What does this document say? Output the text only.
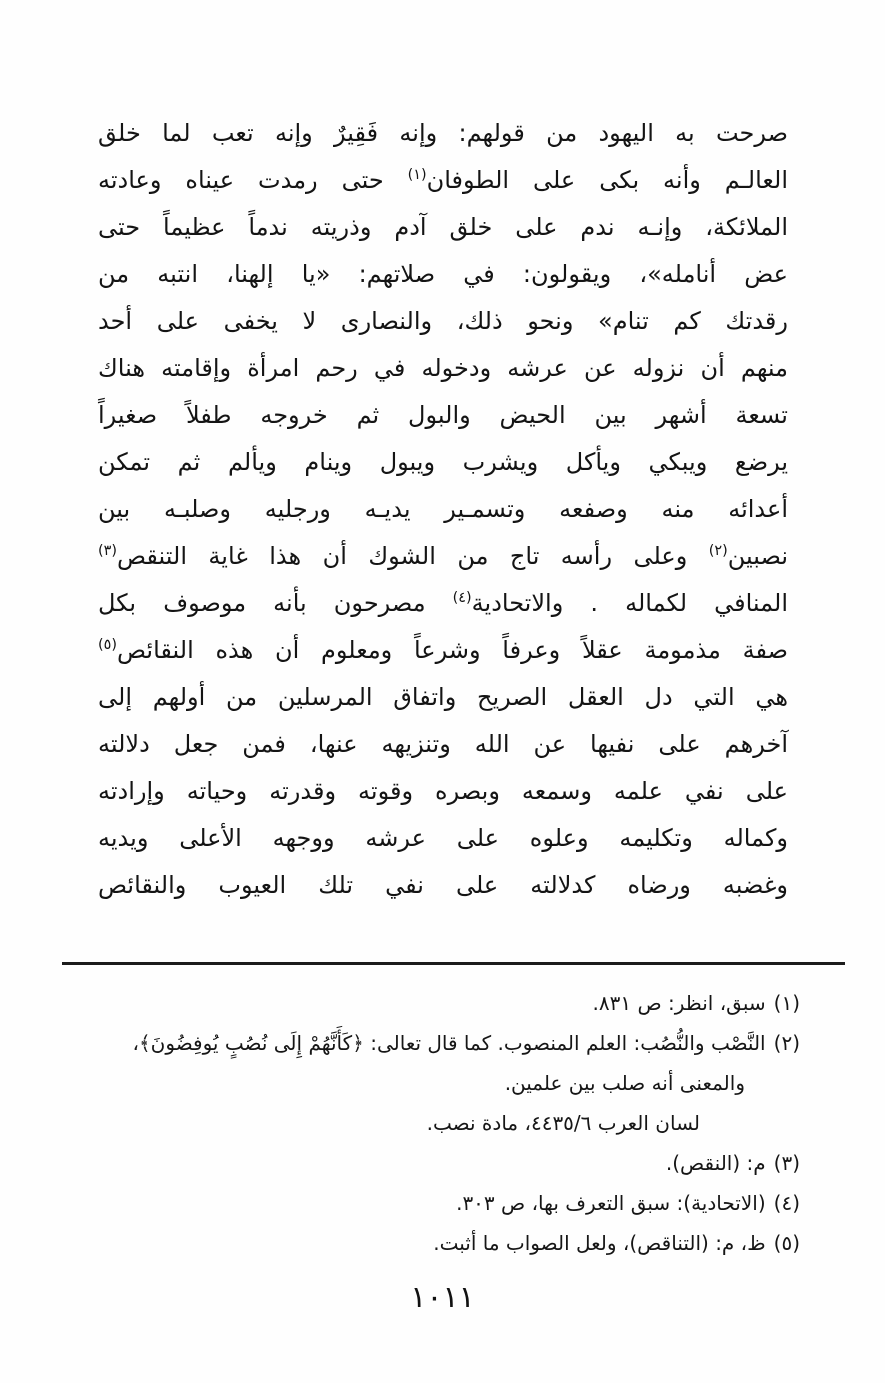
صرحت به اليهود من قولهم: وإنه فَقِيرٌ وإنه تعب لما خلق
العالـم وأنه بكى على الطوفان$^{(١)}$ حتى رمدت عيناه وعادته
الملائكة، وإنـه ندم على خلق آدم وذريته ندماً عظيماً حتى
عض أنامله»، ويقولون: في صلاتهم: «يا إلهنا، انتبه من
رقدتك كم تنام» ونحو ذلك، والنصارى لا يخفى على أحد
منهم أن نزوله عن عرشه ودخوله في رحم امرأة وإقامته هناك
تسعة أشهر بين الحيض والبول ثم خروجه طفلاً صغيراً
يرضع ويبكي ويأكل ويشرب ويبول وينام ويألم ثم تمكن
أعدائه منه وصفعه وتسمـير يديـه ورجليه وصلبـه بين
نصبين$^{(٢)}$ وعلى رأسه تاج من الشوك أن هذا غاية التنقص$^{(٣)}$
المنافي لكماله . والاتحادية$^{(٤)}$ مصرحون بأنه موصوف بكل
صفة مذمومة عقلاً وعرفاً وشرعاً ومعلوم أن هذه النقائص$^{(٥)}$
هي التي دل العقل الصريح واتفاق المرسلين من أولهم إلى
آخرهم على نفيها عن الله وتنزيهه عنها، فمن جعل دلالته
على نفي علمه وسمعه وبصره وقوته وقدرته وحياته وإرادته
وكماله وتكليمه وعلوه على عرشه ووجهه الأعلى ويديه
وغضبه ورضاه كدلالته على نفي تلك العيوب والنقائص
(١)سبق، انظر: ص ٨٣١.
(٢)النَّصْب والنُّصُب: العلم المنصوب. كما قال تعالى: ﴿كَأَنَّهُمْ إِلَى نُصُبٍ يُوفِضُونَ﴾،
والمعنى أنه صلب بين علمين.
لسان العرب ٤٤٣٥/٦، مادة نصب.
(٣)م: (النقص).
(٤)(الاتحادية): سبق التعرف بها، ص ٣٠٣.
(٥)ظ، م: (التناقص)، ولعل الصواب ما أثبت.
١٠١١
